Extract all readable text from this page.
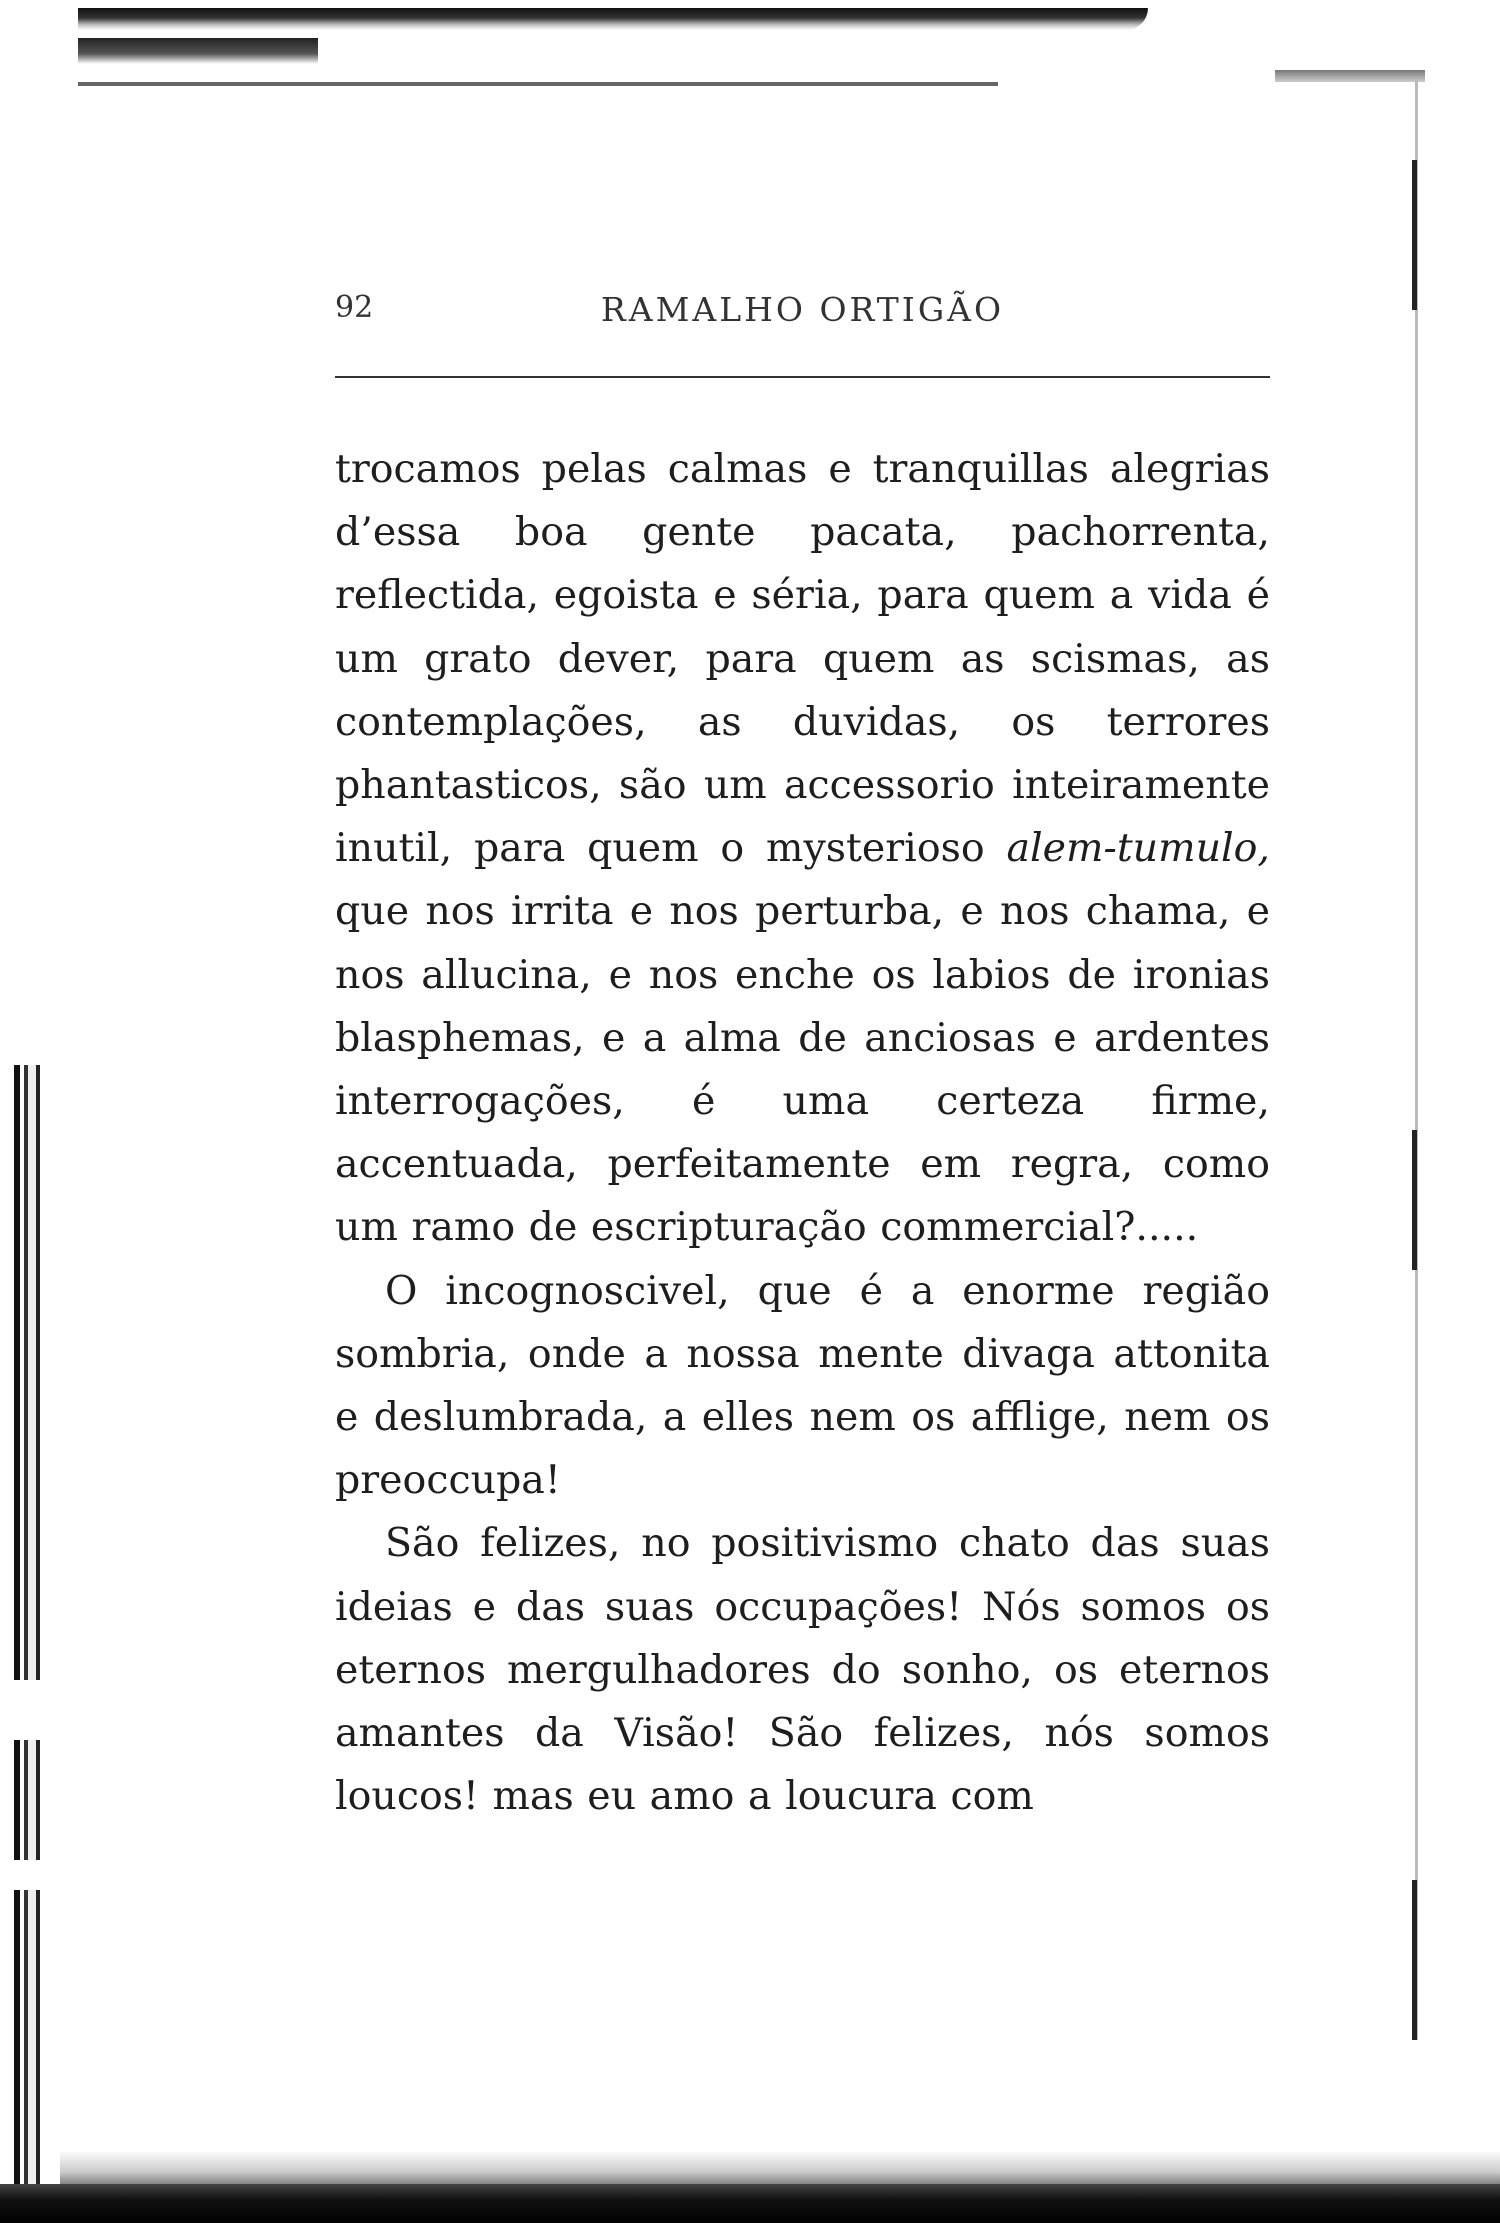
92	RAMALHO ORTIGÃO

trocamos pelas calmas e tranquillas alegrias d’essa boa gente pacata, pachorrenta, reflectida, egoista e séria, para quem a vida é um grato dever, para quem as scismas, as contemplações, as duvidas, os terrores phantasticos, são um accessorio inteiramente inutil, para quem o mysterioso alem-tumulo, que nos irrita e nos perturba, e nos chama, e nos allucina, e nos enche os labios de ironias blasphemas, e a alma de anciosas e ardentes interrogações, é uma certeza firme, accentuada, perfeitamente em regra, como um ramo de escripturação commercial?.....

O incognoscivel, que é a enorme região sombria, onde a nossa mente divaga attonita e deslumbrada, a elles nem os afflige, nem os preoccupa!

São felizes, no positivismo chato das suas ideias e das suas occupações! Nós somos os eternos mergulhadores do sonho, os eternos amantes da Visão! São felizes, nós somos loucos! mas eu amo a loucura com
